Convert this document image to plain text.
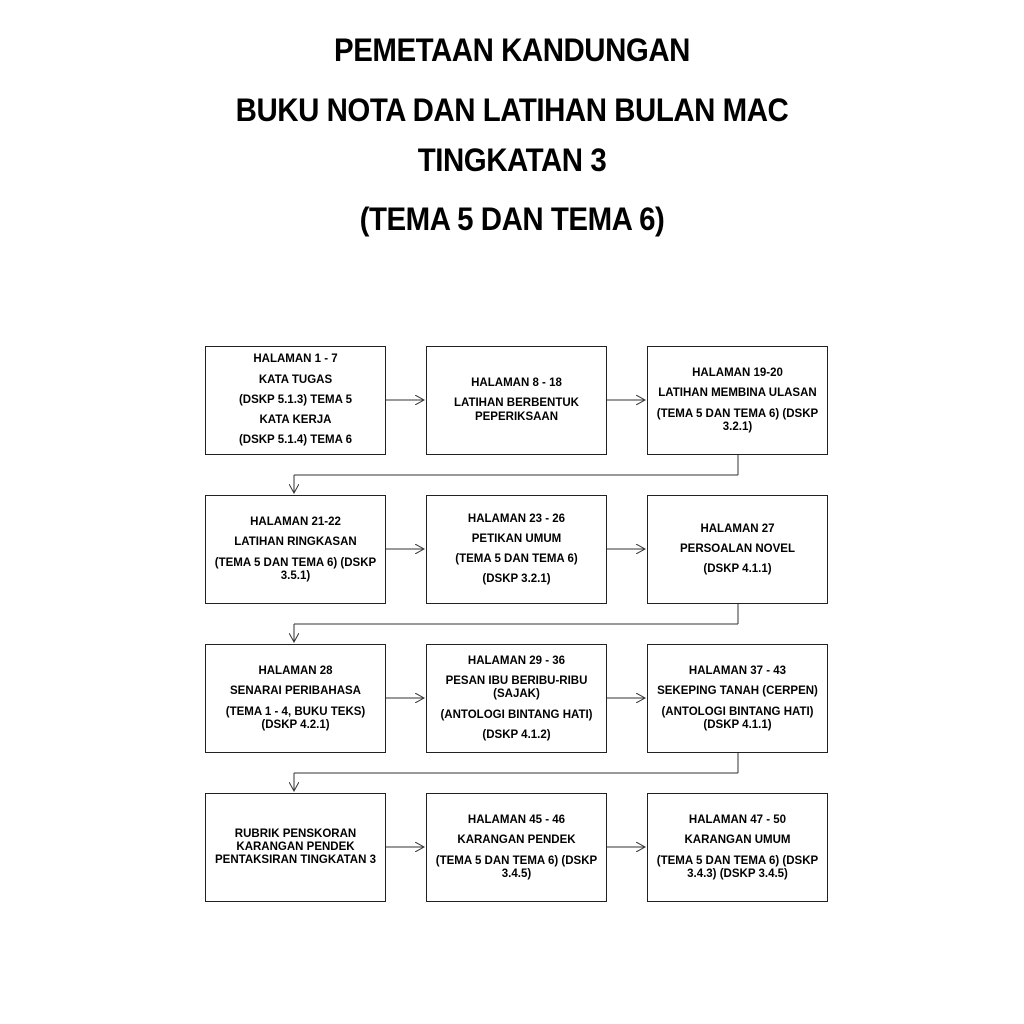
PEMETAAN KANDUNGAN
BUKU NOTA DAN LATIHAN BULAN MAC
TINGKATAN 3
(TEMA 5 DAN TEMA 6)
HALAMAN 1 - 7
KATA TUGAS
(DSKP 5.1.3) TEMA 5
KATA KERJA
(DSKP 5.1.4) TEMA 6
HALAMAN 8 - 18
LATIHAN BERBENTUK PEPERIKSAAN
HALAMAN 19-20
LATIHAN MEMBINA ULASAN
(TEMA 5 DAN TEMA 6) (DSKP 3.2.1)
HALAMAN 21-22
LATIHAN RINGKASAN
(TEMA 5 DAN TEMA 6) (DSKP 3.5.1)
HALAMAN 23 - 26
PETIKAN UMUM
(TEMA 5 DAN TEMA 6)
(DSKP 3.2.1)
HALAMAN 27
PERSOALAN NOVEL
(DSKP 4.1.1)
HALAMAN 28
SENARAI PERIBAHASA
(TEMA 1 - 4, BUKU TEKS) (DSKP 4.2.1)
HALAMAN 29 - 36
PESAN IBU BERIBU-RIBU (SAJAK)
(ANTOLOGI BINTANG HATI)
(DSKP 4.1.2)
HALAMAN 37 - 43
SEKEPING TANAH (CERPEN)
(ANTOLOGI BINTANG HATI) (DSKP 4.1.1)
RUBRIK PENSKORAN KARANGAN PENDEK PENTAKSIRAN TINGKATAN 3
HALAMAN 45 - 46
KARANGAN PENDEK
(TEMA 5 DAN TEMA 6) (DSKP 3.4.5)
HALAMAN 47 - 50
KARANGAN UMUM
(TEMA 5 DAN TEMA 6) (DSKP 3.4.3) (DSKP 3.4.5)
